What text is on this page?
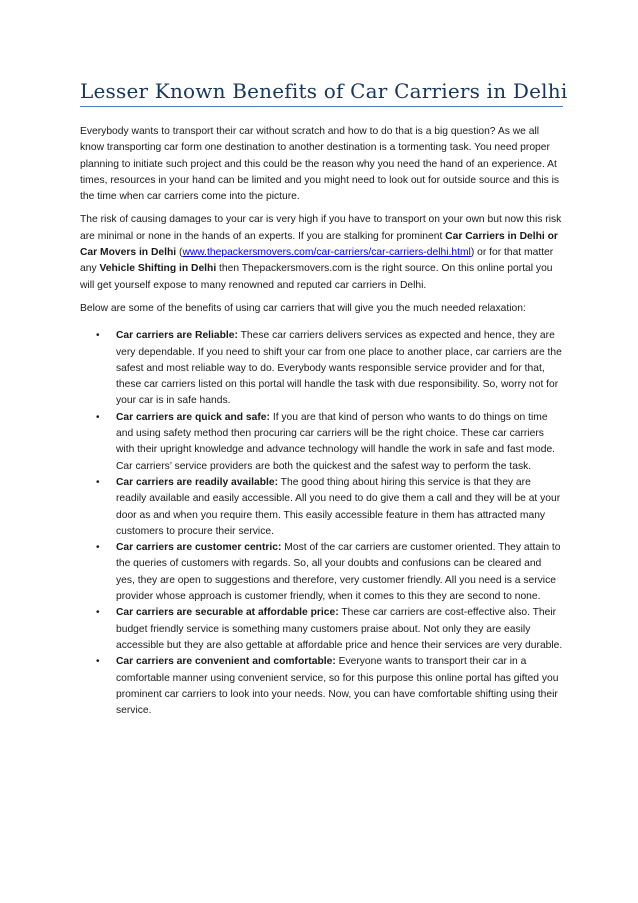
Lesser Known Benefits of Car Carriers in Delhi

Everybody wants to transport their car without scratch and how to do that is a big question? As we all know transporting car form one destination to another destination is a tormenting task. You need proper planning to initiate such project and this could be the reason why you need the hand of an experience. At times, resources in your hand can be limited and you might need to look out for outside source and this is the time when car carriers come into the picture.

The risk of causing damages to your car is very high if you have to transport on your own but now this risk are minimal or none in the hands of an experts. If you are stalking for prominent Car Carriers in Delhi or Car Movers in Delhi (www.thepackersmovers.com/car-carriers/car-carriers-delhi.html) or for that matter any Vehicle Shifting in Delhi then Thepackersmovers.com is the right source. On this online portal you will get yourself expose to many renowned and reputed car carriers in Delhi.

Below are some of the benefits of using car carriers that will give you the much needed relaxation:

• Car carriers are Reliable: These car carriers delivers services as expected and hence, they are very dependable. If you need to shift your car from one place to another place, car carriers are the safest and most reliable way to do. Everybody wants responsible service provider and for that, these car carriers listed on this portal will handle the task with due responsibility. So, worry not for your car is in safe hands.
• Car carriers are quick and safe: If you are that kind of person who wants to do things on time and using safety method then procuring car carriers will be the right choice. These car carriers with their upright knowledge and advance technology will handle the work in safe and fast mode. Car carriers’ service providers are both the quickest and the safest way to perform the task.
• Car carriers are readily available: The good thing about hiring this service is that they are readily available and easily accessible. All you need to do give them a call and they will be at your door as and when you require them. This easily accessible feature in them has attracted many customers to procure their service.
• Car carriers are customer centric: Most of the car carriers are customer oriented. They attain to the queries of customers with regards. So, all your doubts and confusions can be cleared and yes, they are open to suggestions and therefore, very customer friendly. All you need is a service provider whose approach is customer friendly, when it comes to this they are second to none.
• Car carriers are securable at affordable price: These car carriers are cost-effective also. Their budget friendly service is something many customers praise about. Not only they are easily accessible but they are also gettable at affordable price and hence their services are very durable.
• Car carriers are convenient and comfortable: Everyone wants to transport their car in a comfortable manner using convenient service, so for this purpose this online portal has gifted you prominent car carriers to look into your needs. Now, you can have comfortable shifting using their service.
